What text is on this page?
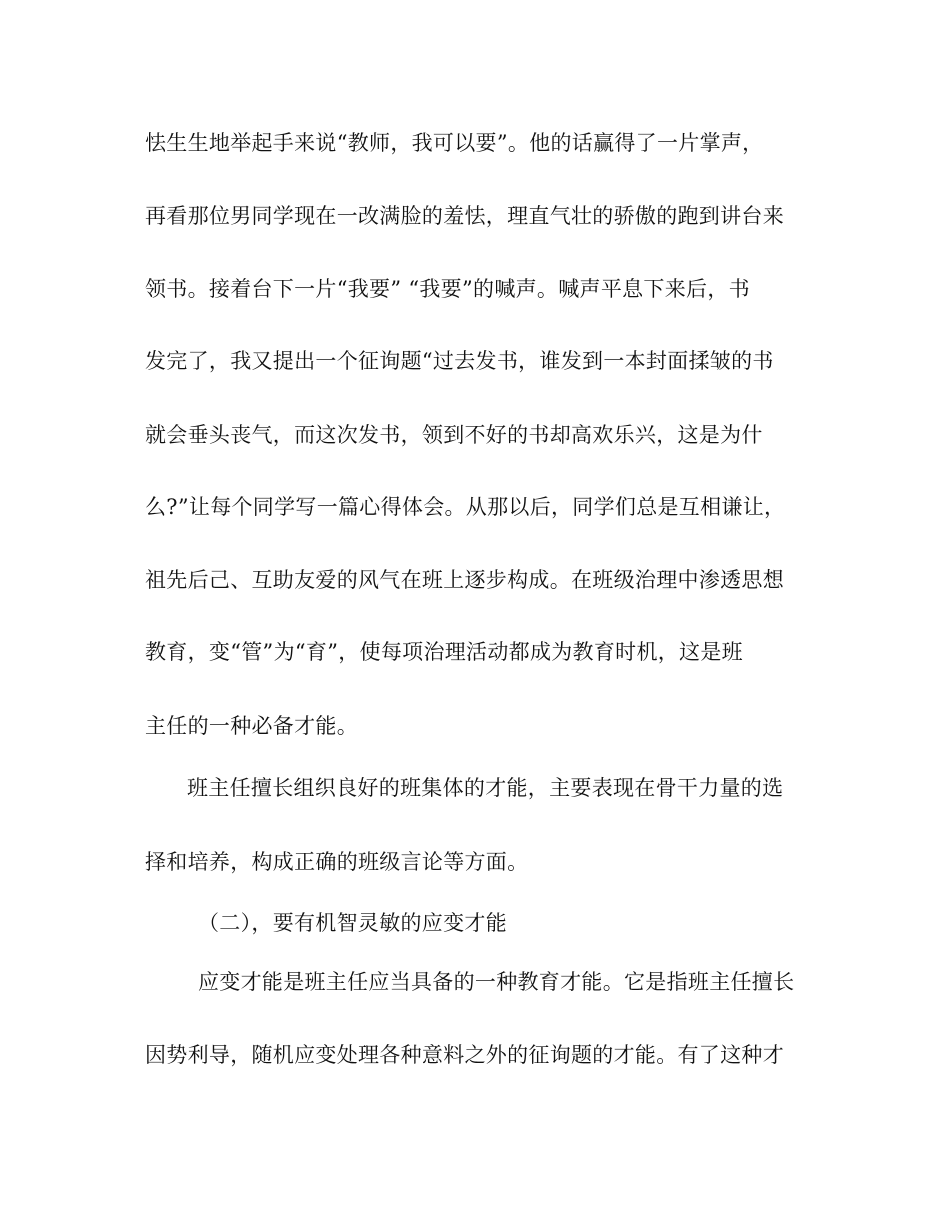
怯生生地举起手来说“教师，我可以要”。他的话赢得了一片掌声，
再看那位男同学现在一改满脸的羞怯，理直气壮的骄傲的跑到讲台来
领书。接着台下一片“我要” “我要”的喊声。喊声平息下来后，书
发完了，我又提出一个征询题“过去发书，谁发到一本封面揉皱的书
就会垂头丧气，而这次发书，领到不好的书却高欢乐兴，这是为什
么?”让每个同学写一篇心得体会。从那以后，同学们总是互相谦让，
祖先后己、互助友爱的风气在班上逐步构成。在班级治理中渗透思想
教育，变“管”为“育”，使每项治理活动都成为教育时机，这是班
主任的一种必备才能。
班主任擅长组织良好的班集体的才能，主要表现在骨干力量的选
择和培养，构成正确的班级言论等方面。
（二），要有机智灵敏的应变才能
应变才能是班主任应当具备的一种教育才能。它是指班主任擅长
因势利导，随机应变处理各种意料之外的征询题的才能。有了这种才
